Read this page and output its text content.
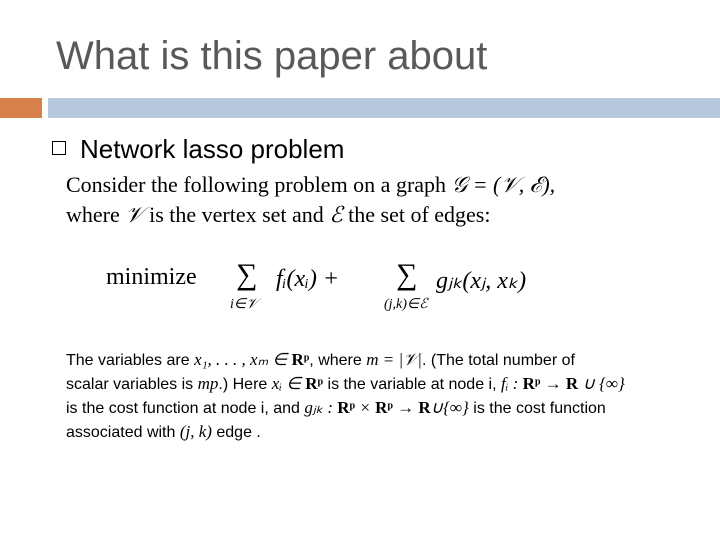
What is this paper about
Network lasso problem
Consider the following problem on a graph 𝒢 = (𝒱, ℰ),
where 𝒱 is the vertex set and ℰ the set of edges:
minimize ∑
i∈𝒱
fᵢ(xᵢ) + ∑
(j,k)∈ℰ
gⱼₖ(xⱼ, xₖ)
The variables are x₁, . . . , xₘ ∈ Rᵖ, where m = |𝒱|. (The total number of
scalar variables is mp.) Here xᵢ ∈ Rᵖ is the variable at node i, fᵢ : Rᵖ → R ∪ {∞}
is the cost function at node i, and gⱼₖ : Rᵖ × Rᵖ → R∪{∞} is the cost function
associated with (j, k) edge .
